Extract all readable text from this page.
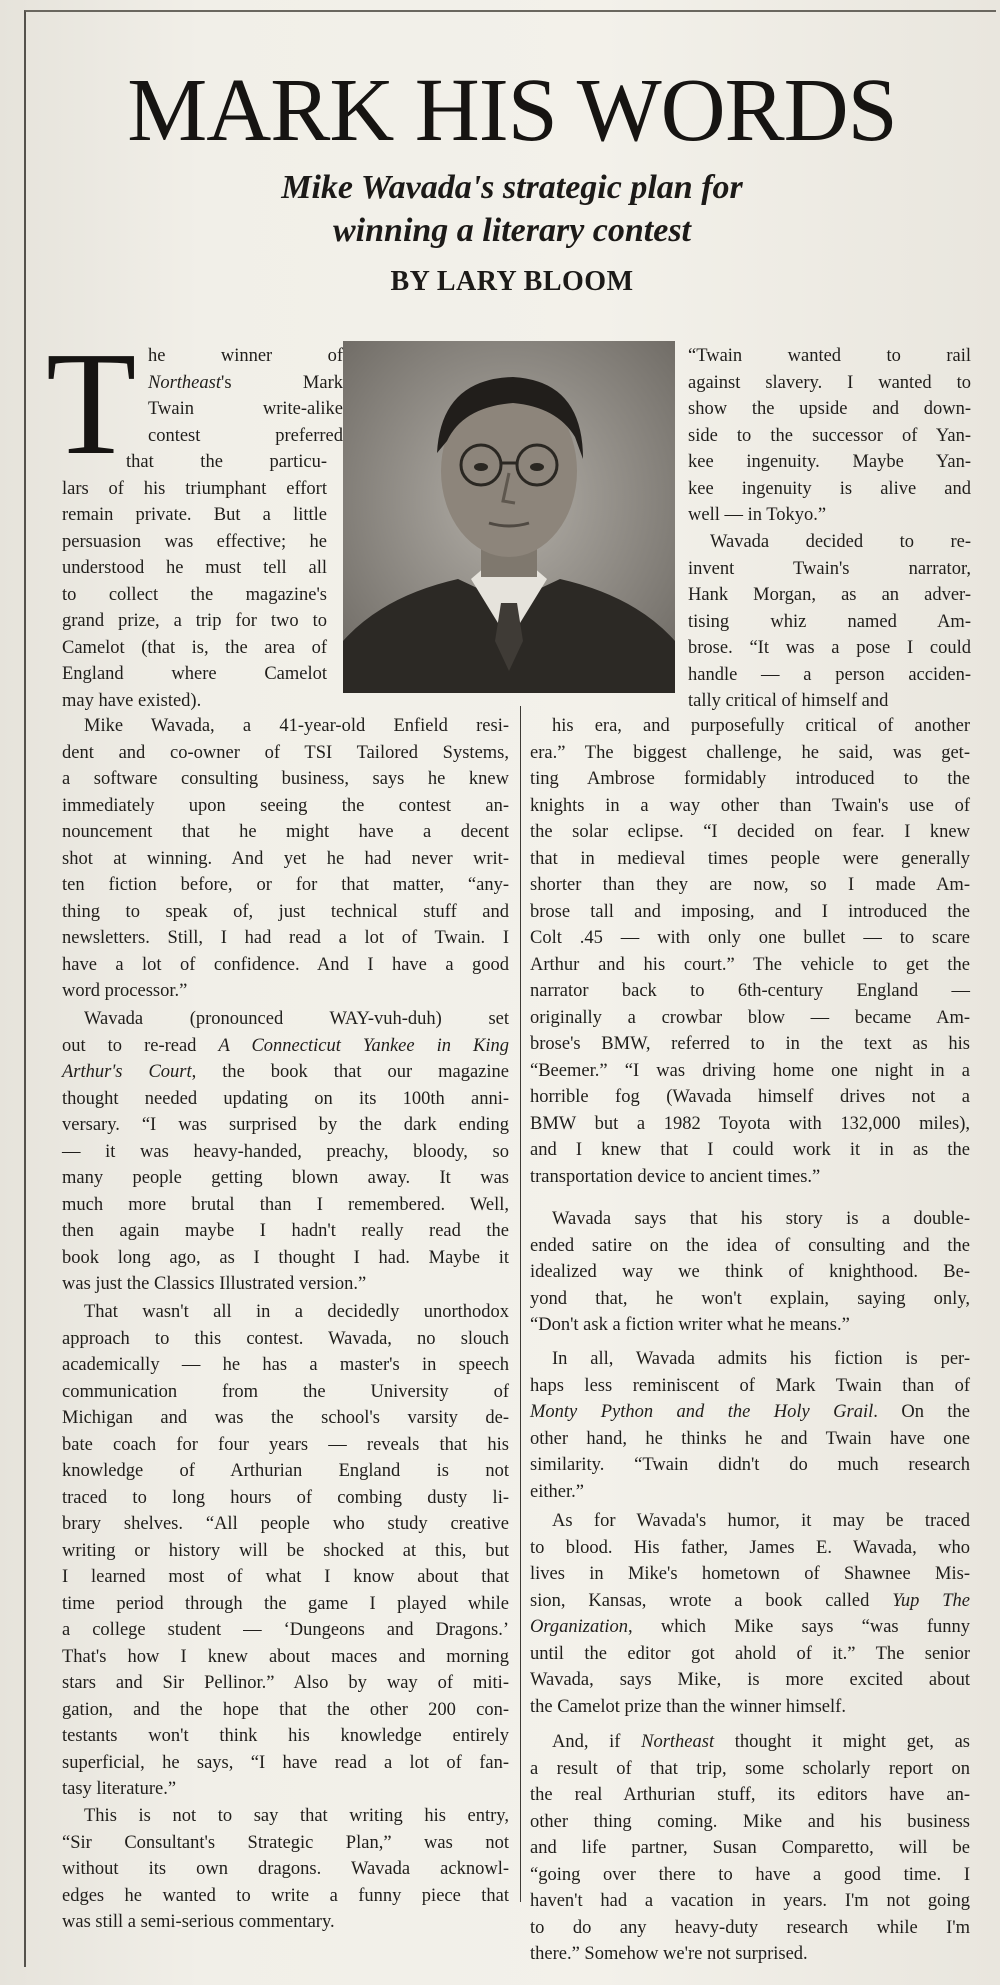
MARK HIS WORDS
Mike Wavada's strategic plan for
winning a literary contest
BY LARY BLOOM
T he winner of
Northeast's Mark
Twain write-alike
contest preferred
that the particu-
lars of his triumphant effort
remain private. But a little
persuasion was effective; he
understood he must tell all
to collect the magazine's
grand prize, a trip for two to
Camelot (that is, the area of
England where Camelot
may have existed).
Mike Wavada, a 41-year-old Enfield resi-
dent and co-owner of TSI Tailored Systems,
a software consulting business, says he knew
immediately upon seeing the contest an-
nouncement that he might have a decent
shot at winning. And yet he had never writ-
ten fiction before, or for that matter, “any-
thing to speak of, just technical stuff and
newsletters. Still, I had read a lot of Twain. I
have a lot of confidence. And I have a good
word processor.”
Wavada (pronounced WAY-vuh-duh) set
out to re-read A Connecticut Yankee in King
Arthur's Court, the book that our magazine
thought needed updating on its 100th anni-
versary. “I was surprised by the dark ending
— it was heavy-handed, preachy, bloody, so
many people getting blown away. It was
much more brutal than I remembered. Well,
then again maybe I hadn't really read the
book long ago, as I thought I had. Maybe it
was just the Classics Illustrated version.”
That wasn't all in a decidedly unorthodox
approach to this contest. Wavada, no slouch
academically — he has a master's in speech
communication from the University of
Michigan and was the school's varsity de-
bate coach for four years — reveals that his
knowledge of Arthurian England is not
traced to long hours of combing dusty li-
brary shelves. “All people who study creative
writing or history will be shocked at this, but
I learned most of what I know about that
time period through the game I played while
a college student — ‘Dungeons and Dragons.’
That's how I knew about maces and morning
stars and Sir Pellinor.” Also by way of miti-
gation, and the hope that the other 200 con-
testants won't think his knowledge entirely
superficial, he says, “I have read a lot of fan-
tasy literature.”
This is not to say that writing his entry,
“Sir Consultant's Strategic Plan,” was not
without its own dragons. Wavada acknowl-
edges he wanted to write a funny piece that
was still a semi-serious commentary.
“Twain wanted to rail
against slavery. I wanted to
show the upside and down-
side to the successor of Yan-
kee ingenuity. Maybe Yan-
kee ingenuity is alive and
well — in Tokyo.”
Wavada decided to re-
invent Twain's narrator,
Hank Morgan, as an adver-
tising whiz named Am-
brose. “It was a pose I could
handle — a person acciden-
tally critical of himself and
his era, and purposefully critical of another
era.” The biggest challenge, he said, was get-
ting Ambrose formidably introduced to the
knights in a way other than Twain's use of
the solar eclipse. “I decided on fear. I knew
that in medieval times people were generally
shorter than they are now, so I made Am-
brose tall and imposing, and I introduced the
Colt .45 — with only one bullet — to scare
Arthur and his court.” The vehicle to get the
narrator back to 6th-century England —
originally a crowbar blow — became Am-
brose's BMW, referred to in the text as his
“Beemer.” “I was driving home one night in a
horrible fog (Wavada himself drives not a
BMW but a 1982 Toyota with 132,000 miles),
and I knew that I could work it in as the
transportation device to ancient times.”
Wavada says that his story is a double-
ended satire on the idea of consulting and the
idealized way we think of knighthood. Be-
yond that, he won't explain, saying only,
“Don't ask a fiction writer what he means.”
In all, Wavada admits his fiction is per-
haps less reminiscent of Mark Twain than of
Monty Python and the Holy Grail. On the
other hand, he thinks he and Twain have one
similarity. “Twain didn't do much research
either.”
As for Wavada's humor, it may be traced
to blood. His father, James E. Wavada, who
lives in Mike's hometown of Shawnee Mis-
sion, Kansas, wrote a book called Yup The
Organization, which Mike says “was funny
until the editor got ahold of it.” The senior
Wavada, says Mike, is more excited about
the Camelot prize than the winner himself.
And, if Northeast thought it might get, as
a result of that trip, some scholarly report on
the real Arthurian stuff, its editors have an-
other thing coming. Mike and his business
and life partner, Susan Comparetto, will be
“going over there to have a good time. I
haven't had a vacation in years. I'm not going
to do any heavy-duty research while I'm
there.” Somehow we're not surprised.
